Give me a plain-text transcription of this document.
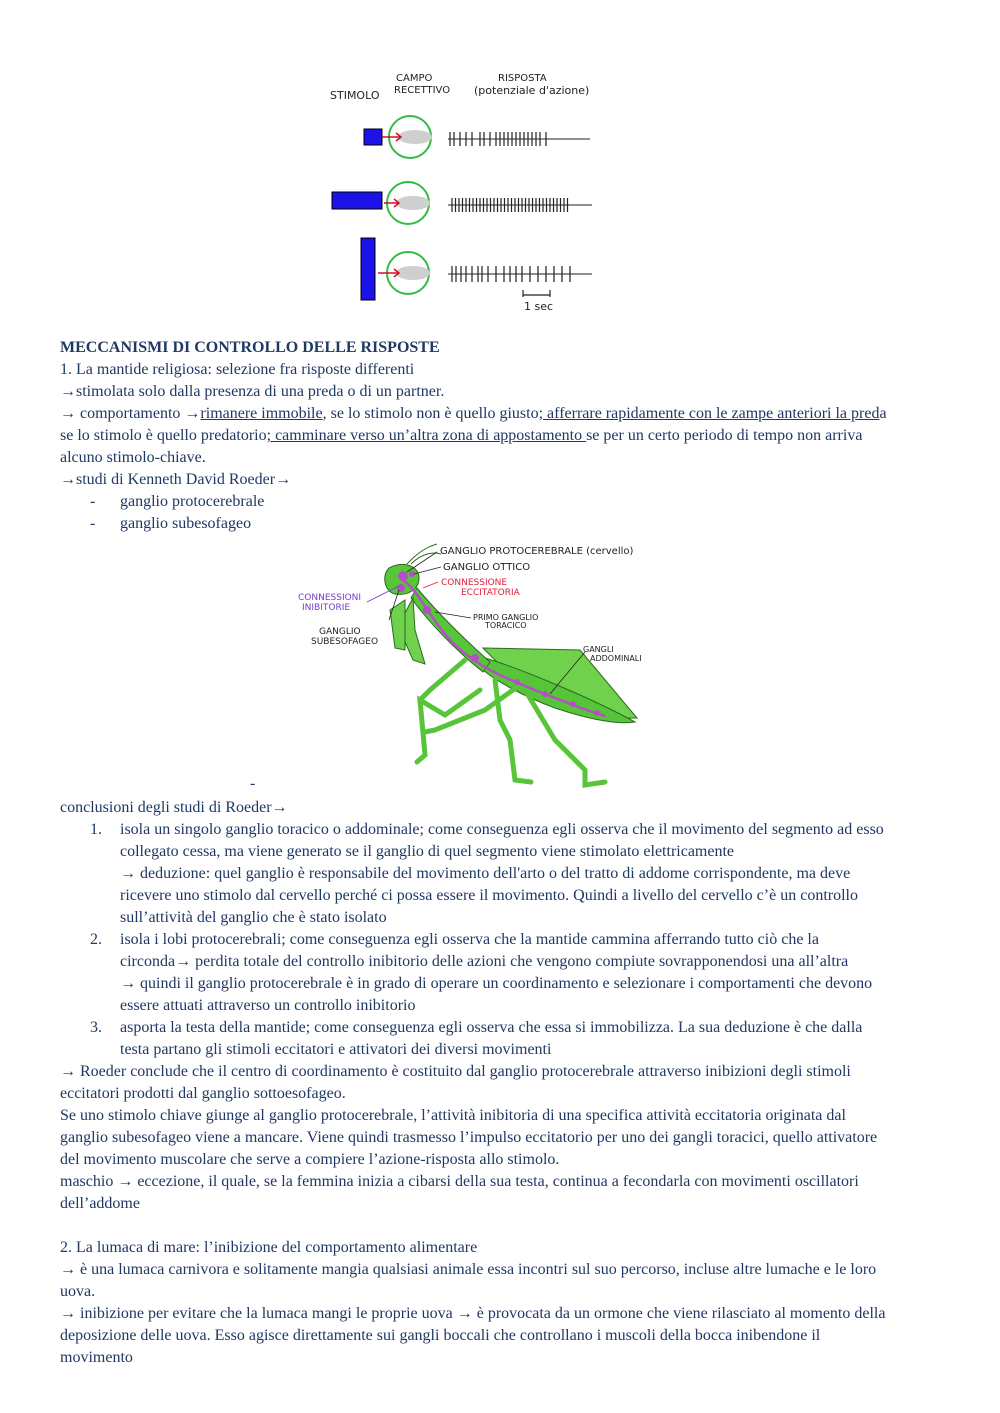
STIMOLO
CAMPO
RECETTIVO
RISPOSTA
(potenziale d'azione)
1 sec

MECCANISMI DI CONTROLLO DELLE RISPOSTE

1. La mantide religiosa: selezione fra risposte differenti

→stimolata solo dalla presenza di una preda o di un partner.

→ comportamento →rimanere immobile, se lo stimolo non è quello giusto; afferrare rapidamente con le zampe anteriori la preda se lo stimolo è quello predatorio; camminare verso un’altra zona di appostamento se per un certo periodo di tempo non arriva alcuno stimolo-chiave.

→studi di Kenneth David Roeder→

- ganglio protocerebrale
- ganglio subesofageo
-

conclusioni degli studi di Roeder→

1. isola un singolo ganglio toracico o addominale; come conseguenza egli osserva che il movimento del segmento ad esso collegato cessa, ma viene generato se il ganglio di quel segmento viene stimolato elettricamente
→ deduzione: quel ganglio è responsabile del movimento dell'arto o del tratto di addome corrispondente, ma deve ricevere uno stimolo dal cervello perché ci possa essere il movimento. Quindi a livello del cervello c’è un controllo sull’attività del ganglio che è stato isolato
2. isola i lobi protocerebrali; come conseguenza egli osserva che la mantide cammina afferrando tutto ciò che la circonda→ perdita totale del controllo inibitorio delle azioni che vengono compiute sovrapponendosi una all’altra
→ quindi il ganglio protocerebrale è in grado di operare un coordinamento e selezionare i comportamenti che devono essere attuati attraverso un controllo inibitorio
3. asporta la testa della mantide; come conseguenza egli osserva che essa si immobilizza. La sua deduzione è che dalla testa partano gli stimoli eccitatori e attivatori dei diversi movimenti

→ Roeder conclude che il centro di coordinamento è costituito dal ganglio protocerebrale attraverso inibizioni degli stimoli eccitatori prodotti dal ganglio sottoesofageo.

Se uno stimolo chiave giunge al ganglio protocerebrale, l’attività inibitoria di una specifica attività eccitatoria originata dal ganglio subesofageo viene a mancare. Viene quindi trasmesso l’impulso eccitatorio per uno dei gangli toracici, quello attivatore del movimento muscolare che serve a compiere l’azione-risposta allo stimolo.

maschio → eccezione, il quale, se la femmina inizia a cibarsi della sua testa, continua a fecondarla con movimenti oscillatori dell’addome

2. La lumaca di mare: l’inibizione del comportamento alimentare

→ è una lumaca carnivora e solitamente mangia qualsiasi animale essa incontri sul suo percorso, incluse altre lumache e le loro uova.

→ inibizione per evitare che la lumaca mangi le proprie uova → è provocata da un ormone che viene rilasciato al momento della deposizione delle uova. Esso agisce direttamente sui gangli boccali che controllano i muscoli della bocca inibendone il movimento

GANGLIO PROTOCEREBRALE (cervello)
GANGLIO OTTICO
CONNESSIONE
ECCITATORIA
CONNESSIONI
INIBITORIE
GANGLIO
SUBESOFAGEO
PRIMO GANGLIO
TORACICO
GANGLI
ADDOMINALI
